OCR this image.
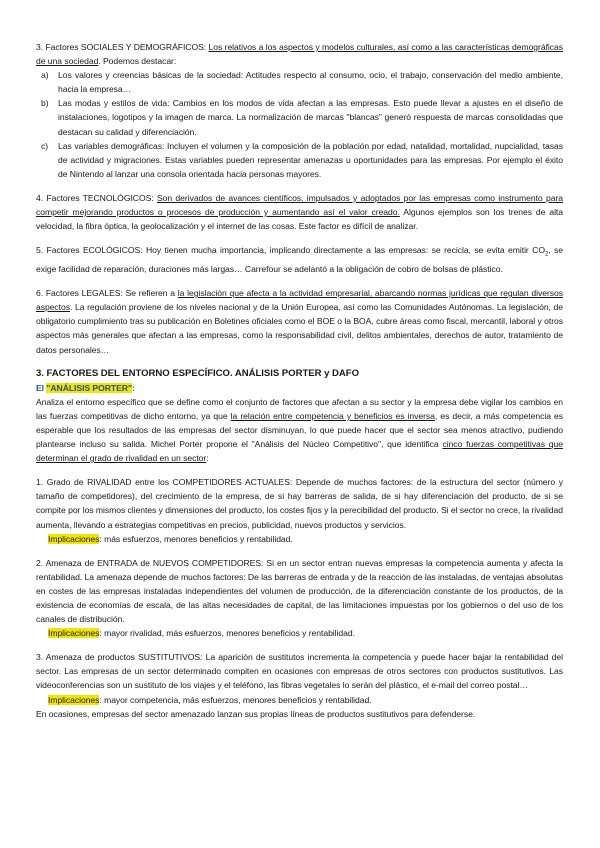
3. Factores SOCIALES Y DEMOGRÁFICOS: Los relativos a los aspectos y modelos culturales, así como a las características demográficas de una sociedad. Podemos destacar:

a) Los valores y creencias básicas de la sociedad: Actitudes respecto al consumo, ocio, el trabajo, conservación del medio ambiente, hacia la empresa…
b) Las modas y estilos de vida: Cambios en los modos de vida afectan a las empresas. Esto puede llevar a ajustes en el diseño de instalaciones, logotipos y la imagen de marca. La normalización de marcas "blancas" generó respuesta de marcas consolidadas que destacan su calidad y diferenciación.
c) Las variables demográficas: Incluyen el volumen y la composición de la población por edad, natalidad, mortalidad, nupcialidad, tasas de actividad y migraciones. Estas variables pueden representar amenazas u oportunidades para las empresas. Por ejemplo el éxito de Nintendo al lanzar una consola orientada hacia personas mayores.

4. Factores TECNOLÓGICOS: Son derivados de avances científicos, impulsados y adoptados por las empresas como instrumento para competir mejorando productos o procesos de producción y aumentando así el valor creado. Algunos ejemplos son los trenes de alta velocidad, la fibra óptica, la geolocalización y el internet de las cosas. Este factor es difícil de analizar.

5. Factores ECOLÓGICOS: Hoy tienen mucha importancia, implicando directamente a las empresas: se recicla, se evita emitir $CO_2$, se exige facilidad de reparación, duraciones más largas… Carrefour se adelantó a la obligación de cobro de bolsas de plástico.

6. Factores LEGALES: Se refieren a la legislación que afecta a la actividad empresarial, abarcando normas jurídicas que regulan diversos aspectos. La regulación proviene de los niveles nacional y de la Unión Europea, así como las Comunidades Autónomas. La legislación, de obligatorio cumplimiento tras su publicación en Boletines oficiales como el BOE o la BOA, cubre áreas como fiscal, mercantil, laboral y otros aspectos más generales que afectan a las empresas, como la responsabilidad civil, delitos ambientales, derechos de autor, tratamiento de datos personales…

3. FACTORES DEL ENTORNO ESPECÍFICO. ANÁLISIS PORTER y DAFO

El "ANÁLISIS PORTER":

Analiza el entorno específico que se define como el conjunto de factores que afectan a su sector y la empresa debe vigilar los cambios en las fuerzas competitivas de dicho entorno, ya que la relación entre competencia y beneficios es inversa, es decir, a más competencia es esperable que los resultados de las empresas del sector disminuyan, lo que puede hacer que el sector sea menos atractivo, pudiendo plantearse incluso su salida. Michel Porter propone el "Análisis del Núcleo Competitivo", que identifica cinco fuerzas competitivas que determinan el grado de rivalidad en un sector:

1. Grado de RIVALIDAD entre los COMPETIDORES ACTUALES: Depende de muchos factores: de la estructura del sector (número y tamaño de competidores), del crecimiento de la empresa, de si hay barreras de salida, de si hay diferenciación del producto, de si se compite por los mismos clientes y dimensiones del producto, los costes fijos y la perecibilidad del producto. Si el sector no crece, la rivalidad aumenta, llevando a estrategias competitivas en precios, publicidad, nuevos productos y servicios.

Implicaciones: más esfuerzos, menores beneficios y rentabilidad.

2. Amenaza de ENTRADA de NUEVOS COMPETIDORES: Si en un sector entran nuevas empresas la competencia aumenta y afecta la rentabilidad. La amenaza depende de muchos factores: De las barreras de entrada y de la reacción de las instaladas, de ventajas absolutas en costes de las empresas instaladas independientes del volumen de producción, de la diferenciación constante de los productos, de la existencia de economías de escala, de las altas necesidades de capital, de las limitaciones impuestas por los gobiernos o del uso de los canales de distribución.

Implicaciones: mayor rivalidad, más esfuerzos, menores beneficios y rentabilidad.

3. Amenaza de productos SUSTITUTIVOS: La aparición de sustitutos incrementa la competencia y puede hacer bajar la rentabilidad del sector. Las empresas de un sector determinado compiten en ocasiones con empresas de otros sectores con productos sustitutivos. Las videoconferencias son un sustituto de los viajes y el teléfono, las fibras vegetales lo serán del plástico, el e-mail del correo postal…

Implicaciones: mayor competencia, más esfuerzos, menores beneficios y rentabilidad.

En ocasiones, empresas del sector amenazado lanzan sus propias líneas de productos sustitutivos para defenderse.
